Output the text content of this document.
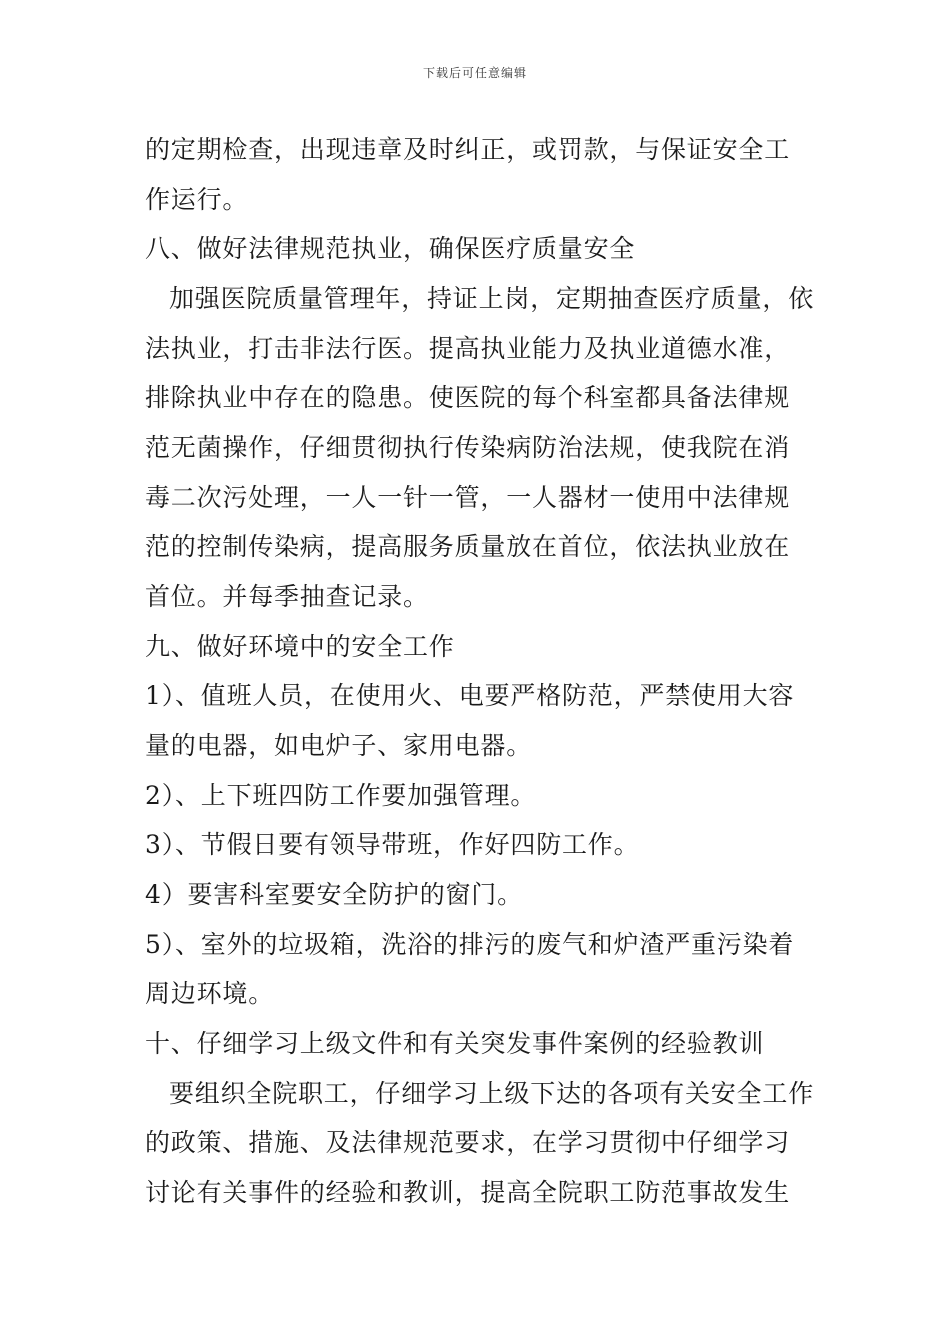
下载后可任意编辑
的定期检查，出现违章及时纠正，或罚款，与保证安全工
作运行。
八、做好法律规范执业，确保医疗质量安全
加强医院质量管理年，持证上岗，定期抽查医疗质量，依
法执业，打击非法行医。提高执业能力及执业道德水准，
排除执业中存在的隐患。使医院的每个科室都具备法律规
范无菌操作，仔细贯彻执行传染病防治法规，使我院在消
毒二次污处理，一人一针一管，一人器材一使用中法律规
范的控制传染病，提高服务质量放在首位，依法执业放在
首位。并每季抽查记录。
九、做好环境中的安全工作
1）、值班人员，在使用火、电要严格防范，严禁使用大容
量的电器，如电炉子、家用电器。
2）、上下班四防工作要加强管理。
3）、节假日要有领导带班，作好四防工作。
4）要害科室要安全防护的窗门。
5）、室外的垃圾箱，洗浴的排污的废气和炉渣严重污染着
周边环境。
十、仔细学习上级文件和有关突发事件案例的经验教训
要组织全院职工，仔细学习上级下达的各项有关安全工作
的政策、措施、及法律规范要求，在学习贯彻中仔细学习
讨论有关事件的经验和教训，提高全院职工防范事故发生
